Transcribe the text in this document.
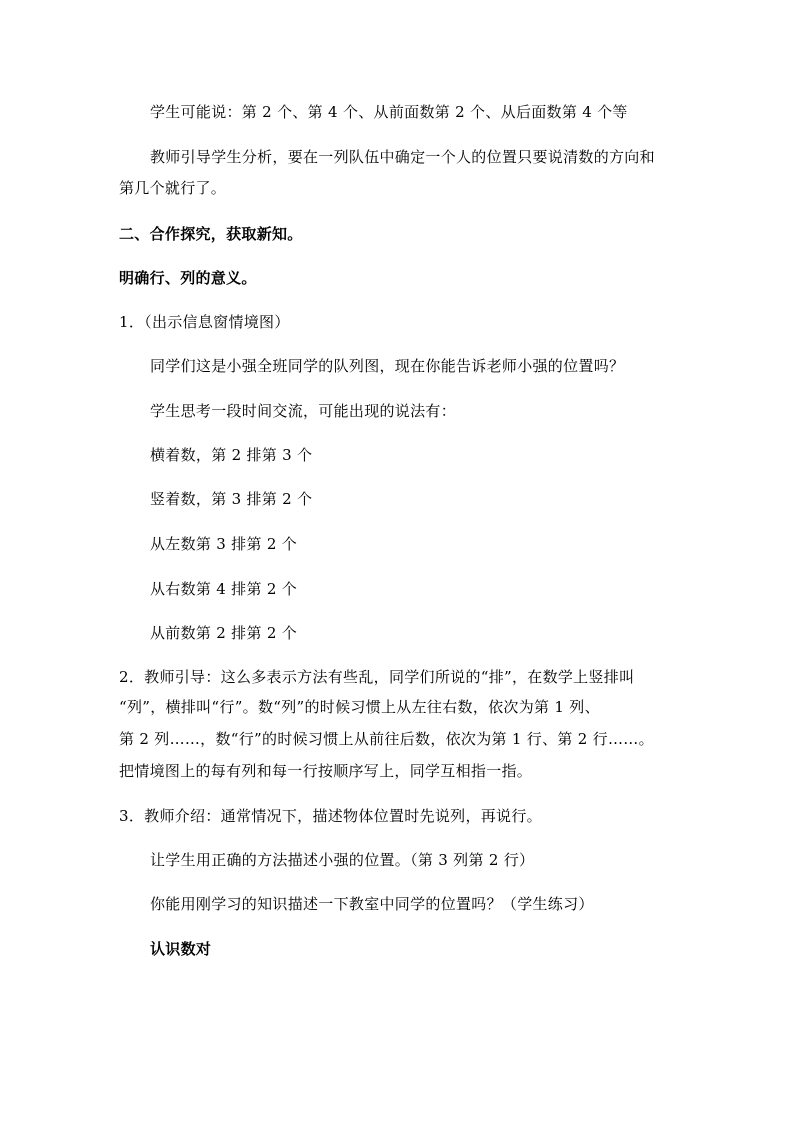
学生可能说：第 2 个、第 4 个、从前面数第 2 个、从后面数第 4 个等
教师引导学生分析，要在一列队伍中确定一个人的位置只要说清数的方向和
第几个就行了。
二、合作探究，获取新知。
明确行、列的意义。
1．（出示信息窗情境图）
同学们这是小强全班同学的队列图，现在你能告诉老师小强的位置吗？
学生思考一段时间交流，可能出现的说法有：
横着数，第 2 排第 3 个
竖着数，第 3 排第 2 个
从左数第 3 排第 2 个
从右数第 4 排第 2 个
从前数第 2 排第 2 个
2．教师引导：这么多表示方法有些乱，同学们所说的“排”，在数学上竖排叫
“列”，横排叫“行”。数“列”的时候习惯上从左往右数，依次为第 1 列、
第 2 列……，数“行”的时候习惯上从前往后数，依次为第 1 行、第 2 行……。
把情境图上的每有列和每一行按顺序写上，同学互相指一指。
3．教师介绍：通常情况下，描述物体位置时先说列，再说行。
让学生用正确的方法描述小强的位置。（第 3 列第 2 行）
你能用刚学习的知识描述一下教室中同学的位置吗？（学生练习）
认识数对
